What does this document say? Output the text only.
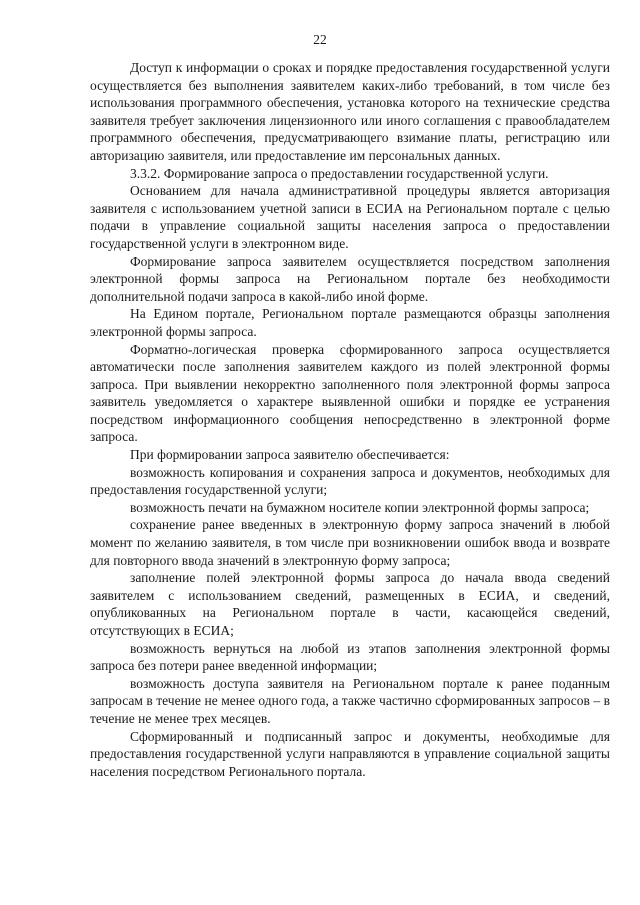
22

Доступ к информации о сроках и порядке предоставления государственной услуги осуществляется без выполнения заявителем каких-либо требований, в том числе без использования программного обеспечения, установка которого на технические средства заявителя требует заключения лицензионного или иного соглашения с правообладателем программного обеспечения, предусматривающего взимание платы, регистрацию или авторизацию заявителя, или предоставление им персональных данных.

3.3.2. Формирование запроса о предоставлении государственной услуги.

Основанием для начала административной процедуры является авторизация заявителя с использованием учетной записи в ЕСИА на Региональном портале с целью подачи в управление социальной защиты населения запроса о предоставлении государственной услуги в электронном виде.

Формирование запроса заявителем осуществляется посредством заполнения электронной формы запроса на Региональном портале без необходимости дополнительной подачи запроса в какой-либо иной форме.

На Едином портале, Региональном портале размещаются образцы заполнения электронной формы запроса.

Форматно-логическая проверка сформированного запроса осуществляется автоматически после заполнения заявителем каждого из полей электронной формы запроса. При выявлении некорректно заполненного поля электронной формы запроса заявитель уведомляется о характере выявленной ошибки и порядке ее устранения посредством информационного сообщения непосредственно в электронной форме запроса.

При формировании запроса заявителю обеспечивается:

возможность копирования и сохранения запроса и документов, необходимых для предоставления государственной услуги;

возможность печати на бумажном носителе копии электронной формы запроса;

сохранение ранее введенных в электронную форму запроса значений в любой момент по желанию заявителя, в том числе при возникновении ошибок ввода и возврате для повторного ввода значений в электронную форму запроса;

заполнение полей электронной формы запроса до начала ввода сведений заявителем с использованием сведений, размещенных в ЕСИА, и сведений, опубликованных на Региональном портале в части, касающейся сведений, отсутствующих в ЕСИА;

возможность вернуться на любой из этапов заполнения электронной формы запроса без потери ранее введенной информации;

возможность доступа заявителя на Региональном портале к ранее поданным запросам в течение не менее одного года, а также частично сформированных запросов – в течение не менее трех месяцев.

Сформированный и подписанный запрос и документы, необходимые для предоставления государственной услуги направляются в управление социальной защиты населения посредством Регионального портала.
